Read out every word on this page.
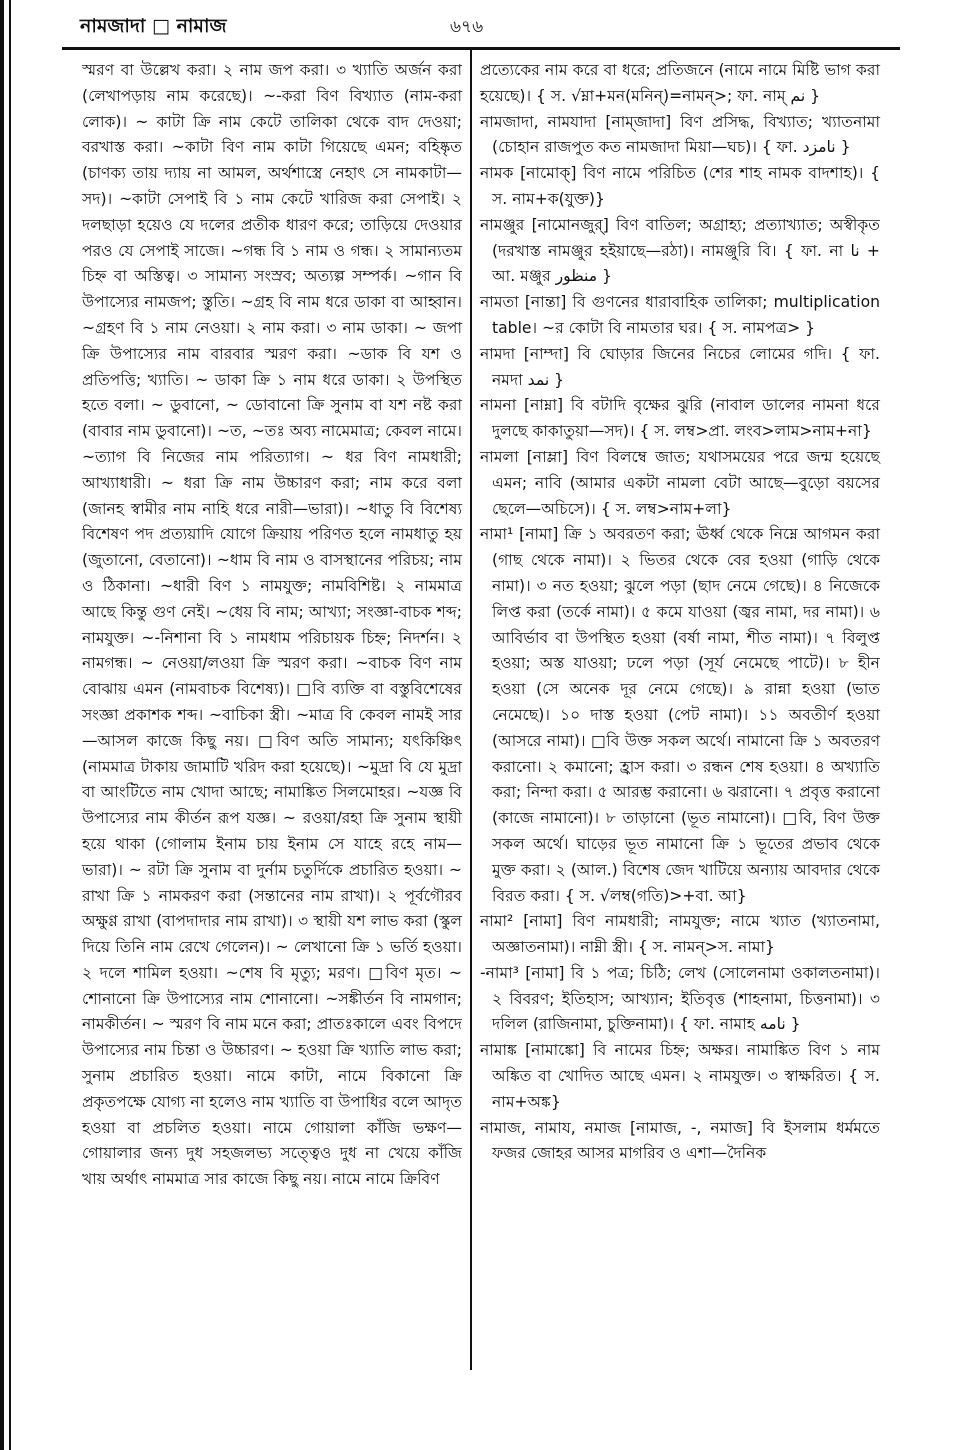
নামজাদা □ নামাজ	৬৭৬

স্মরণ বা উল্লেখ করা। ২ নাম জপ করা। ৩ খ্যাতি অর্জন করা (লেখাপড়ায় নাম করেছে)। ~-করা বিণ বিখ্যাত (নাম-করা লোক)। ~ কাটা ক্রি নাম কেটে তালিকা থেকে বাদ দেওয়া; বরখাস্ত করা। ~কাটা বিণ নাম কাটা গিয়েছে এমন; বহিষ্কৃত (চাণক্য তায় দ্যায় না আমল, অর্থশাস্ত্রে নেহাৎ সে নামকাটা—সদ)। ~কাটা সেপাই বি ১ নাম কেটে খারিজ করা সেপাই। ২ দলছাড়া হয়েও যে দলের প্রতীক ধারণ করে; তাড়িয়ে দেওয়ার পরও যে সেপাই সাজে। ~গন্ধ বি ১ নাম ও গন্ধ। ২ সামান্যতম চিহ্ন বা অস্তিত্ব। ৩ সামান্য সংস্রব; অত্যল্প সম্পর্ক। ~গান বি উপাস্যের নামজপ; স্তুতি। ~গ্রহ বি নাম ধরে ডাকা বা আহ্বান। ~গ্রহণ বি ১ নাম নেওয়া। ২ নাম করা। ৩ নাম ডাকা। ~ জপা ক্রি উপাস্যের নাম বারবার স্মরণ করা। ~ডাক বি যশ ও প্রতিপত্তি; খ্যাতি। ~ ডাকা ক্রি ১ নাম ধরে ডাকা। ২ উপস্থিত হতে বলা। ~ ডুবানো, ~ ডোবানো ক্রি সুনাম বা যশ নষ্ট করা (বাবার নাম ডুবানো)। ~ত, ~তঃ অব্য নামেমাত্র; কেবল নামে। ~ত্যাগ বি নিজের নাম পরিত্যাগ। ~ ধর বিণ নামধারী; আখ্যাধারী। ~ ধরা ক্রি নাম উচ্চারণ করা; নাম করে বলা (জানহ স্বামীর নাম নাহি ধরে নারী—ভারা)। ~ধাতু বি বিশেষ্য বিশেষণ পদ প্রত্যয়াদি যোগে ক্রিয়ায় পরিণত হলে নামধাতু হয় (জুতানো, বেতানো)। ~ধাম বি নাম ও বাসস্থানের পরিচয়; নাম ও ঠিকানা। ~ধারী বিণ ১ নামযুক্ত; নামবিশিষ্ট। ২ নামমাত্র আছে কিন্তু গুণ নেই। ~ধেয় বি নাম; আখ্যা; সংজ্ঞা-বাচক শব্দ; নামযুক্ত। ~-নিশানা বি ১ নামধাম পরিচায়ক চিহ্ন; নিদর্শন। ২ নামগন্ধ। ~ নেওয়া/লওয়া ক্রি স্মরণ করা। ~বাচক বিণ নাম বোঝায় এমন (নামবাচক বিশেষ্য)। □বি ব্যক্তি বা বস্তুবিশেষের সংজ্ঞা প্রকাশক শব্দ। ~বাচিকা স্ত্রী। ~মাত্র বি কেবল নামই সার—আসল কাজে কিছু নয়। □বিণ অতি সামান্য; যৎকিঞ্চিৎ (নামমাত্র টাকায় জামাটি খরিদ করা হয়েছে)। ~মুদ্রা বি যে মুদ্রা বা আংটিতে নাম খোদা আছে; নামাঙ্কিত সিলমোহর। ~যজ্ঞ বি উপাস্যের নাম কীর্তন রূপ যজ্ঞ। ~ রওয়া/রহা ক্রি সুনাম স্থায়ী হয়ে থাকা (গোলাম ইনাম চায় ইনাম সে যাহে রহে নাম—ভারা)। ~ রটা ক্রি সুনাম বা দুর্নাম চতুর্দিকে প্রচারিত হওয়া। ~ রাখা ক্রি ১ নামকরণ করা (সন্তানের নাম রাখা)। ২ পূর্বগৌরব অক্ষুণ্ণ রাখা (বাপদাদার নাম রাখা)। ৩ স্থায়ী যশ লাভ করা (স্কুল দিয়ে তিনি নাম রেখে গেলেন)। ~ লেখানো ক্রি ১ ভর্তি হওয়া। ২ দলে শামিল হওয়া। ~শেষ বি মৃত্যু; মরণ। □বিণ মৃত। ~ শোনানো ক্রি উপাস্যের নাম শোনানো। ~সঙ্কীর্তন বি নামগান; নামকীর্তন। ~ স্মরণ বি নাম মনে করা; প্রাতঃকালে এবং বিপদে উপাস্যের নাম চিন্তা ও উচ্চারণ। ~ হওয়া ক্রি খ্যাতি লাভ করা; সুনাম প্রচারিত হওয়া। নামে কাটা, নামে বিকানো ক্রি প্রকৃতপক্ষে যোগ্য না হলেও নাম খ্যাতি বা উপাধির বলে আদৃত হওয়া বা প্রচলিত হওয়া। নামে গোয়ালা কাঁজি ভক্ষণ—গোয়ালার জন্য দুধ সহজলভ্য সত্ত্বেও দুধ না খেয়ে কাঁজি খায় অর্থাৎ নামমাত্র সার কাজে কিছু নয়। নামে নামে ক্রিবিণ

প্রত্যেকের নাম করে বা ধরে; প্রতিজনে (নামে নামে মিষ্টি ভাগ করা হয়েছে)। { স. √ম্না+মন(মনিন্)=নামন্>; ফা. নাম্ نم }

নামজাদা, নামযাদা [নাম্জাদা] বিণ প্রসিদ্ধ, বিখ্যাত; খ্যাতনামা (চোহান রাজপুত কত নামজাদা মিয়া—ঘচ)। { ফা. نامزد }

নামক [নামোক্] বিণ নামে পরিচিত (শের শাহ নামক বাদশাহ)। { স. নাম+ক(যুক্ত)}

নামঞ্জুর [নামোনজুর্] বিণ বাতিল; অগ্রাহ্য; প্রত্যাখ্যাত; অস্বীকৃত (দরখাস্ত নামঞ্জুর হইয়াছে—রঠা)। নামঞ্জুরি বি। { ফা. না نا + আ. মঞ্জুর منظور }

নামতা [নাম্তা] বি গুণনের ধারাবাহিক তালিকা; multiplication table। ~র কোটা বি নামতার ঘর। { স. নামপত্র> }

নামদা [নাম্দা] বি ঘোড়ার জিনের নিচের লোমের গদি। { ফা. নমদা نمد }

নামনা [নাম্না] বি বটাদি বৃক্ষের ঝুরি (নাবাল ডালের নামনা ধরে দুলছে কাকাতুয়া—সদ)। { স. লম্ব>প্রা. লংব>লাম>নাম+না}

নামলা [নাম্লা] বিণ বিলম্বে জাত; যথাসময়ের পরে জন্ম হয়েছে এমন; নাবি (আমার একটা নামলা বেটা আছে—বুড়ো বয়সের ছেলে—অচিসে)। { স. লম্ব>নাম+লা}

নামা¹ [নামা] ক্রি ১ অবরতণ করা; ঊর্ধ্ব থেকে নিম্নে আগমন করা (গাছ থেকে নামা)। ২ ভিতর থেকে বের হওয়া (গাড়ি থেকে নামা)। ৩ নত হওয়া; ঝুলে পড়া (ছাদ নেমে গেছে)। ৪ নিজেকে লিপ্ত করা (তর্কে নামা)। ৫ কমে যাওয়া (জ্বর নামা, দর নামা)। ৬ আবির্ভাব বা উপস্থিত হওয়া (বর্ষা নামা, শীত নামা)। ৭ বিলুপ্ত হওয়া; অস্ত যাওয়া; ঢলে পড়া (সূর্য নেমেছে পাটে)। ৮ হীন হওয়া (সে অনেক দূর নেমে গেছে)। ৯ রান্না হওয়া (ভাত নেমেছে)। ১০ দাস্ত হওয়া (পেট নামা)। ১১ অবতীর্ণ হওয়া (আসরে নামা)। □বি উক্ত সকল অর্থে। নামানো ক্রি ১ অবতরণ করানো। ২ কমানো; হ্রাস করা। ৩ রন্ধন শেষ হওয়া। ৪ অখ্যাতি করা; নিন্দা করা। ৫ আরম্ভ করানো। ৬ ঝরানো। ৭ প্রবৃত্ত করানো (কাজে নামানো)। ৮ তাড়ানো (ভূত নামানো)। □বি, বিণ উক্ত সকল অর্থে। ঘাড়ের ভূত নামানো ক্রি ১ ভূতের প্রভাব থেকে মুক্ত করা। ২ (আল.) বিশেষ জেদ খাটিয়ে অন্যায় আবদার থেকে বিরত করা। { স. √লম্ব(গতি)>+বা. আ}

নামা² [নামা] বিণ নামধারী; নামযুক্ত; নামে খ্যাত (খ্যাতনামা, অজ্ঞাতনামা)। নাম্নী স্ত্রী। { স. নামন্>স. নামা}

-নামা³ [নামা] বি ১ পত্র; চিঠি; লেখ (সোলেনামা ওকালতনামা)। ২ বিবরণ; ইতিহাস; আখ্যান; ইতিবৃত্ত (শাহনামা, চিত্তনামা)। ৩ দলিল (রাজিনামা, চুক্তিনামা)। { ফা. নামাহ نامه }

নামাঙ্ক [নামাঙ্কো] বি নামের চিহ্ন; অক্ষর। নামাঙ্কিত বিণ ১ নাম অঙ্কিত বা খোদিত আছে এমন। ২ নামযুক্ত। ৩ স্বাক্ষরিত। { স. নাম+অঙ্ক}

নামাজ, নামায, নমাজ [নামাজ, -, নমাজ] বি ইসলাম ধর্মমতে ফজর জোহর আসর মাগরিব ও এশা—দৈনিক
